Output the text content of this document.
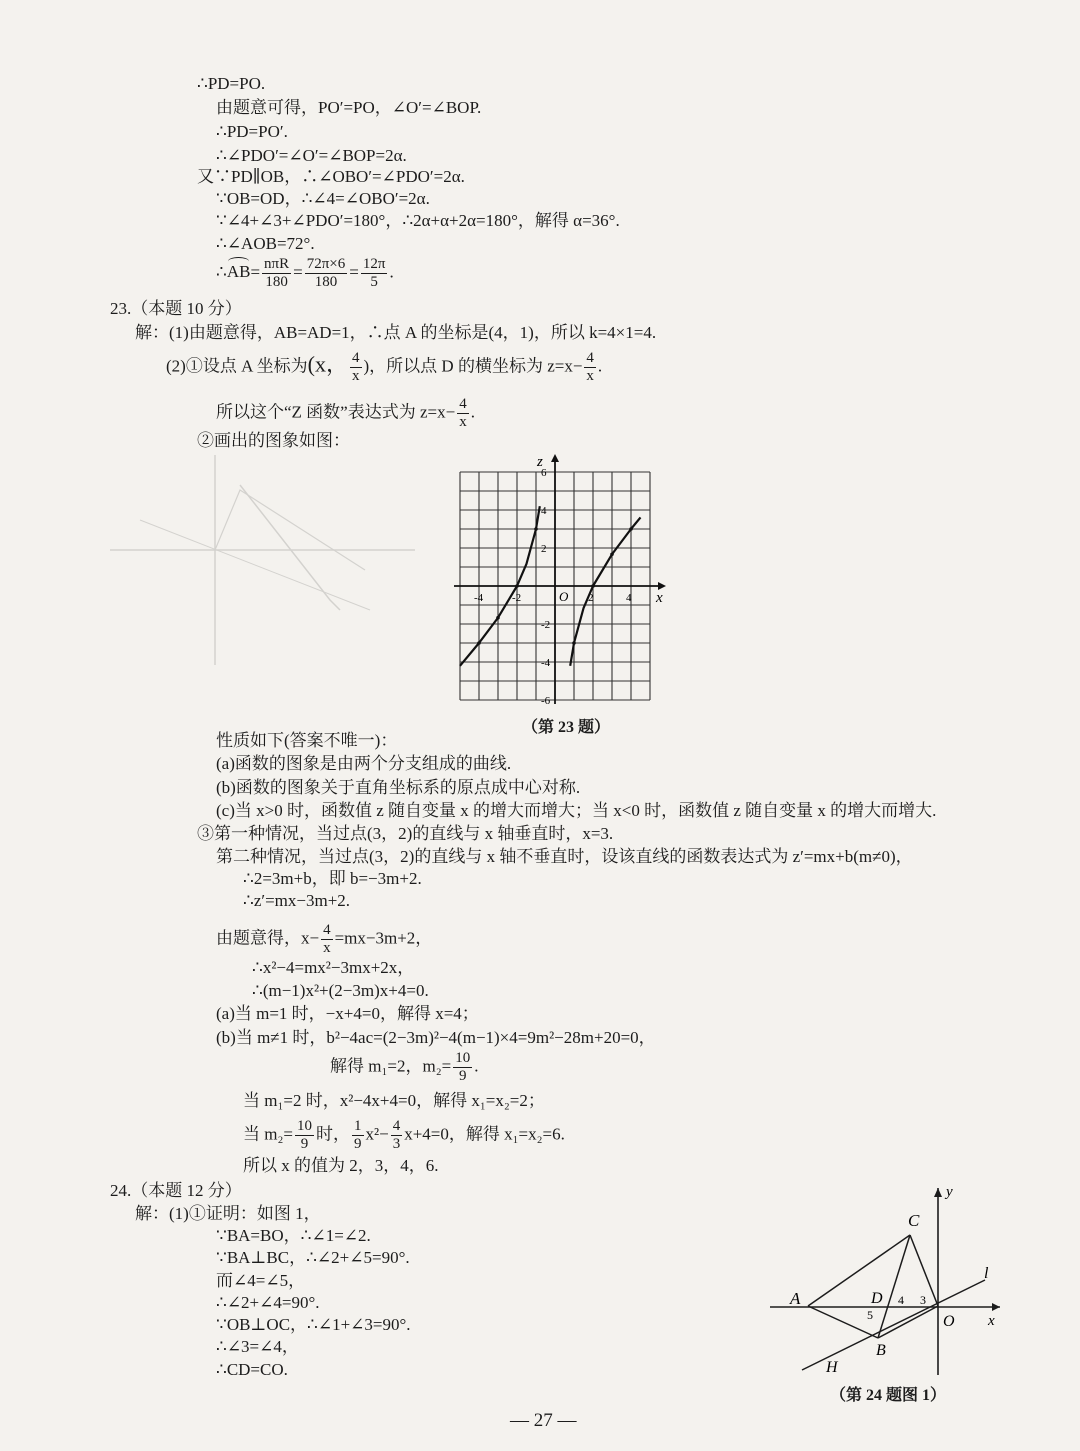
∴PD=PO.
由题意可得，PO′=PO，∠O′=∠BOP.
∴PD=PO′.
∴∠PDO′=∠O′=∠BOP=2α.
又∵PD∥OB，∴∠OBO′=∠PDO′=2α.
∵OB=OD，∴∠4=∠OBO′=2α.
∵∠4+∠3+∠PDO′=180°，∴2α+α+2α=180°，解得 α=36°.
∴∠AOB=72°.
∴
$AB= \frac{\text{nπR}}{180} = \frac{72\pi\times 6}{180} = \frac{12\pi}{5}$ .
23.（本题 10 分）
解：(1)由题意得，AB=AD=1，∴点 A 的坐标是(4，1)，所以 k=4×1=4.
(2)①设点 A 坐标为(x， $\frac{4}{x}$ )，所以点 D 的横坐标为 $z=x- \frac{4}{x}$ .
所以这个“Z 函数”表达式为 $z=x- \frac{4}{x}$ .
②画出的图象如图：
z
x
O
-4	-2	2	4
6
4
2
-2
-4
-6
（第 23 题）
性质如下(答案不唯一)：
(a)函数的图象是由两个分支组成的曲线.
(b)函数的图象关于直角坐标系的原点成中心对称.
(c)当 x>0 时，函数值 z 随自变量 x 的增大而增大；当 x<0 时，函数值 z 随自变量 x 的增大而增大.
③第一种情况，当过点(3，2)的直线与 x 轴垂直时，x=3.
第二种情况，当过点(3，2)的直线与 x 轴不垂直时，设该直线的函数表达式为 z′=mx+b(m≠0)，
∴2=3m+b，即 b=−3m+2.
∴z′=mx−3m+2.
由题意得，$x- \frac{4}{x} =mx-3m+2$，
∴x²−4=mx²−3mx+2x，
∴(m−1)x²+(2−3m)x+4=0.
(a)当 m=1 时，−x+4=0，解得 x=4；
(b)当 m≠1 时，b²−4ac=(2−3m)²−4(m−1)×4=9m²−28m+20=0，
解得 m₁=2，$m_2= \frac{10}{9}$ .
当 m₁=2 时，x²−4x+4=0，解得 x₁=x₂=2；
当 $m_2= \frac{10}{9}$ 时， $\frac{1}{9} x^2- \frac{4}{3} x+4=0$，解得 x₁=x₂=6.
所以 x 的值为 2，3，4，6.
24.（本题 12 分）
解：(1)①证明：如图 1，
∵BA=BO，∴∠1=∠2.
∵BA⊥BC，∴∠2+∠5=90°.
而∠4=∠5，
∴∠2+∠4=90°.
∵OB⊥OC，∴∠1+∠3=90°.
∴∠3=∠4，
∴CD=CO.
C
l
A	D 4 3
5	O
B
H
y
x
（第 24 题图 1）
— 27 —
